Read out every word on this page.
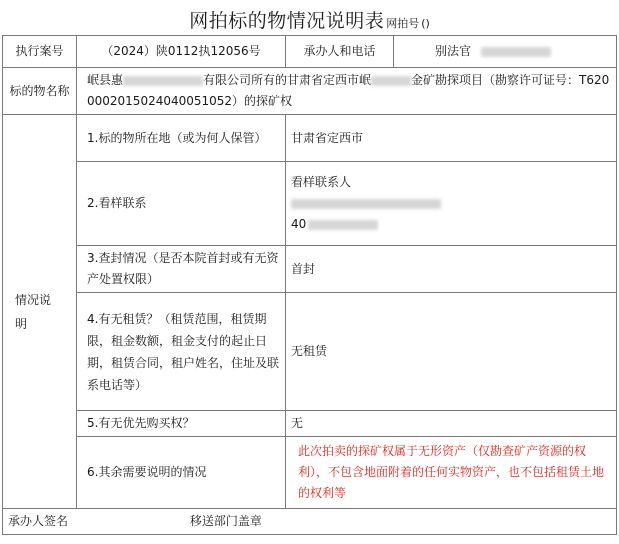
网拍标的物情况说明表 网拍号 ()
执行案号	（2024）陕0112执12056号	承办人和电话	别法官
标的物名称	岷县惠 有限公司所有的甘肃省定西市岷 金矿勘探项目（勘察许可证号：T62000020150240400510​52）的探矿权		

情况说明	1.标的物所在地（或为何人保管）	甘肃省定西市	
	2.看样联系	看样联系人
40	

	3.查封情况（是否本院首封或有无资产处置权限）	首封	
	4.有无租赁？（租赁范围，租赁期限，租金数额，租金支付的起止日期，租赁合同，租户姓名，住址及联系电话等）	无租赁	
	5.有无优先购买权？	无	
	6.其余需要说明的情况	此次拍卖的探矿权属于无形资产（仅勘查矿产资源的权利），不包含地面附着的任何实物资产，也不包括租赁土地的权利等	
承办人签名 移送部门盖章			
